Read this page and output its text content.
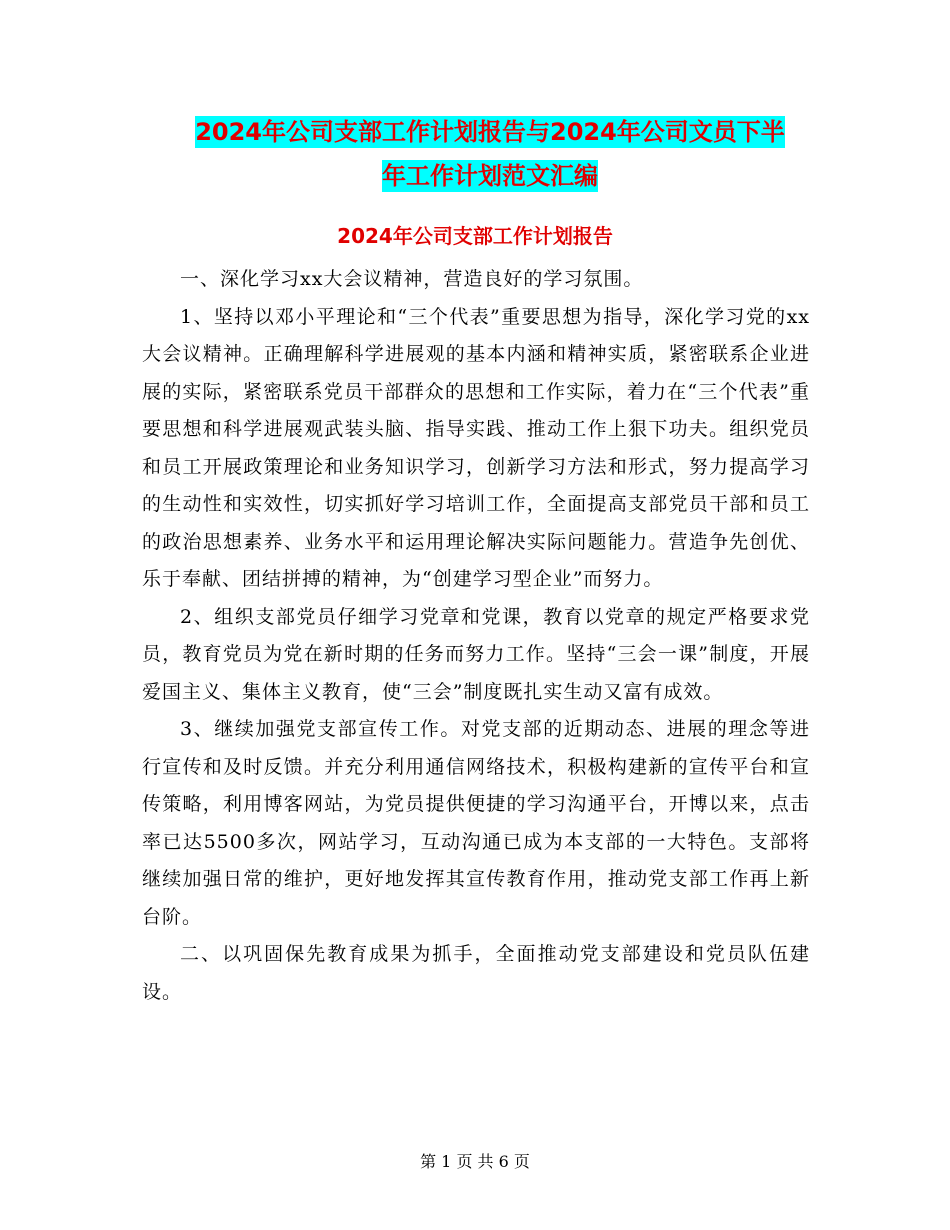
2024年公司支部工作计划报告与2024年公司文员下半
年工作计划范文汇编
2024年公司支部工作计划报告

一、深化学习xx大会议精神，营造良好的学习氛围。

1、坚持以邓小平理论和“三个代表”重要思想为指导，深化学习党的xx大会议精神。正确理解科学进展观的基本内涵和精神实质，紧密联系企业进展的实际，紧密联系党员干部群众的思想和工作实际，着力在“三个代表”重要思想和科学进展观武装头脑、指导实践、推动工作上狠下功夫。组织党员和员工开展政策理论和业务知识学习，创新学习方法和形式，努力提高学习的生动性和实效性，切实抓好学习培训工作，全面提高支部党员干部和员工的政治思想素养、业务水平和运用理论解决实际问题能力。营造争先创优、乐于奉献、团结拼搏的精神，为“创建学习型企业”而努力。

2、组织支部党员仔细学习党章和党课，教育以党章的规定严格要求党员，教育党员为党在新时期的任务而努力工作。坚持“三会一课”制度，开展爱国主义、集体主义教育，使“三会”制度既扎实生动又富有成效。

3、继续加强党支部宣传工作。对党支部的近期动态、进展的理念等进行宣传和及时反馈。并充分利用通信网络技术，积极构建新的宣传平台和宣传策略，利用博客网站，为党员提供便捷的学习沟通平台，开博以来，点击率已达5500多次，网站学习，互动沟通已成为本支部的一大特色。支部将继续加强日常的维护，更好地发挥其宣传教育作用，推动党支部工作再上新台阶。

二、以巩固保先教育成果为抓手，全面推动党支部建设和党员队伍建设。

第 1 页 共 6 页
